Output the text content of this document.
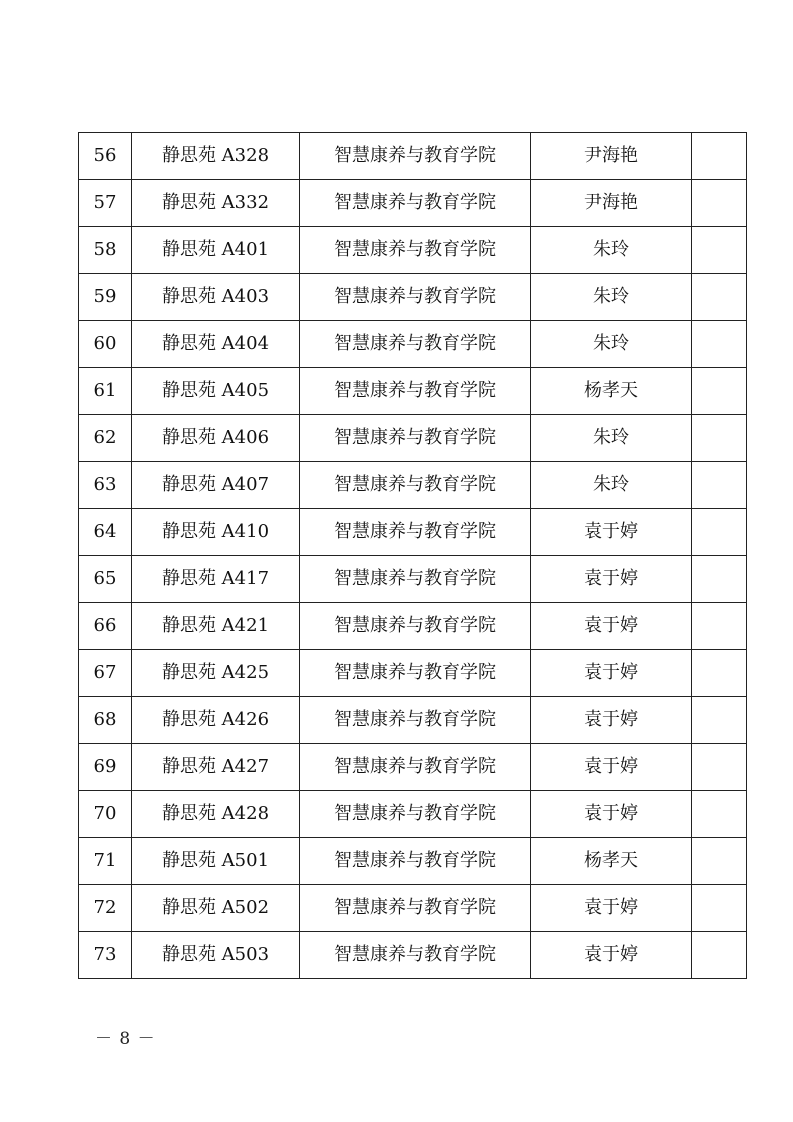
56	静思苑 A328	智慧康养与教育学院	尹海艳	
57	静思苑 A332	智慧康养与教育学院	尹海艳	
58	静思苑 A401	智慧康养与教育学院	朱玲	
59	静思苑 A403	智慧康养与教育学院	朱玲	
60	静思苑 A404	智慧康养与教育学院	朱玲	
61	静思苑 A405	智慧康养与教育学院	杨孝天	
62	静思苑 A406	智慧康养与教育学院	朱玲	
63	静思苑 A407	智慧康养与教育学院	朱玲	
64	静思苑 A410	智慧康养与教育学院	袁于婷	
65	静思苑 A417	智慧康养与教育学院	袁于婷	
66	静思苑 A421	智慧康养与教育学院	袁于婷	
67	静思苑 A425	智慧康养与教育学院	袁于婷	
68	静思苑 A426	智慧康养与教育学院	袁于婷	
69	静思苑 A427	智慧康养与教育学院	袁于婷	
70	静思苑 A428	智慧康养与教育学院	袁于婷	
71	静思苑 A501	智慧康养与教育学院	杨孝天	
72	静思苑 A502	智慧康养与教育学院	袁于婷	
73	静思苑 A503	智慧康养与教育学院	袁于婷	
－ 8 －
